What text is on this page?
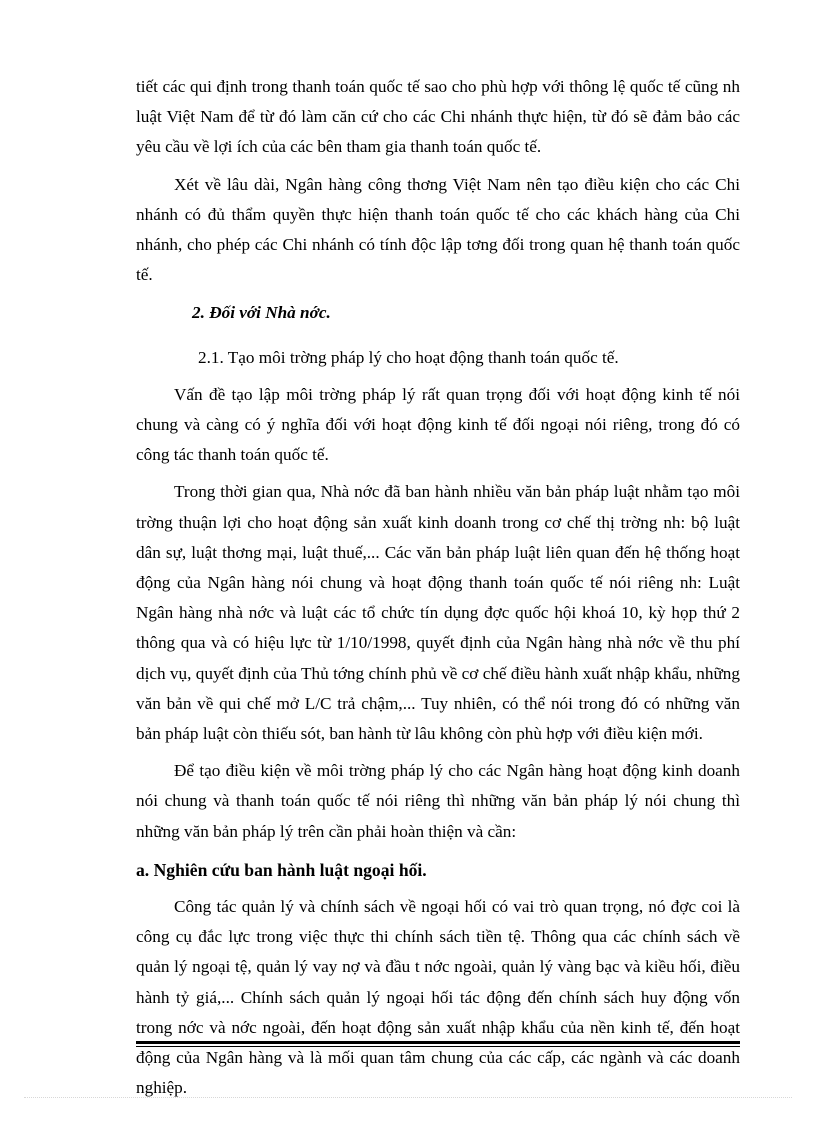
tiết các qui định trong thanh toán quốc tế sao cho phù hợp với thông lệ quốc tế cũng nh luật Việt Nam để từ đó làm căn cứ cho các Chi nhánh thực hiện, từ đó sẽ đảm bảo các yêu cầu về lợi ích của các bên tham gia thanh toán quốc tế.

Xét về lâu dài, Ngân hàng công thơng Việt Nam nên tạo điều kiện cho các Chi nhánh có đủ thẩm quyền thực hiện thanh toán quốc tế cho các khách hàng của Chi nhánh, cho phép các Chi nhánh có tính độc lập tơng đối trong quan hệ thanh toán quốc tế.

2. Đối với Nhà nớc.

2.1. Tạo môi trờng pháp lý cho hoạt động thanh toán quốc tế.

Vấn đề tạo lập môi trờng pháp lý rất quan trọng đối với hoạt động kinh tế nói chung và càng có ý nghĩa đối với hoạt động kinh tế đối ngoại nói riêng, trong đó có công tác thanh toán quốc tế.

Trong thời gian qua, Nhà nớc đã ban hành nhiều văn bản pháp luật nhằm tạo môi trờng thuận lợi cho hoạt động sản xuất kinh doanh trong cơ chế thị trờng nh: bộ luật dân sự, luật thơng mại, luật thuế,... Các văn bản pháp luật liên quan đến hệ thống hoạt động của Ngân hàng nói chung và hoạt động thanh toán quốc tế nói riêng nh: Luật Ngân hàng nhà nớc và luật các tổ chức tín dụng đợc quốc hội khoá 10, kỳ họp thứ 2 thông qua và có hiệu lực từ 1/10/1998, quyết định của Ngân hàng nhà nớc về thu phí dịch vụ, quyết định của Thủ tớng chính phủ về cơ chế điều hành xuất nhập khẩu, những văn bản về qui chế mở L/C trả chậm,... Tuy nhiên, có thể nói trong đó có những văn bản pháp luật còn thiếu sót, ban hành từ lâu không còn phù hợp với điều kiện mới.

Để tạo điều kiện về môi trờng pháp lý cho các Ngân hàng hoạt động kinh doanh nói chung và thanh toán quốc tế nói riêng thì những văn bản pháp lý nói chung thì những văn bản pháp lý trên cần phải hoàn thiện và cần:

a. Nghiên cứu ban hành luật ngoại hối.

Công tác quản lý và chính sách về ngoại hối có vai trò quan trọng, nó đợc coi là công cụ đắc lực trong việc thực thi chính sách tiền tệ. Thông qua các chính sách về quản lý ngoại tệ, quản lý vay nợ và đầu t nớc ngoài, quản lý vàng bạc và kiều hối, điều hành tỷ giá,... Chính sách quản lý ngoại hối tác động đến chính sách huy động vốn trong nớc và nớc ngoài, đến hoạt động sản xuất nhập khẩu của nền kinh tế, đến hoạt động của Ngân hàng và là mối quan tâm chung của các cấp, các ngành và các doanh nghiệp.
